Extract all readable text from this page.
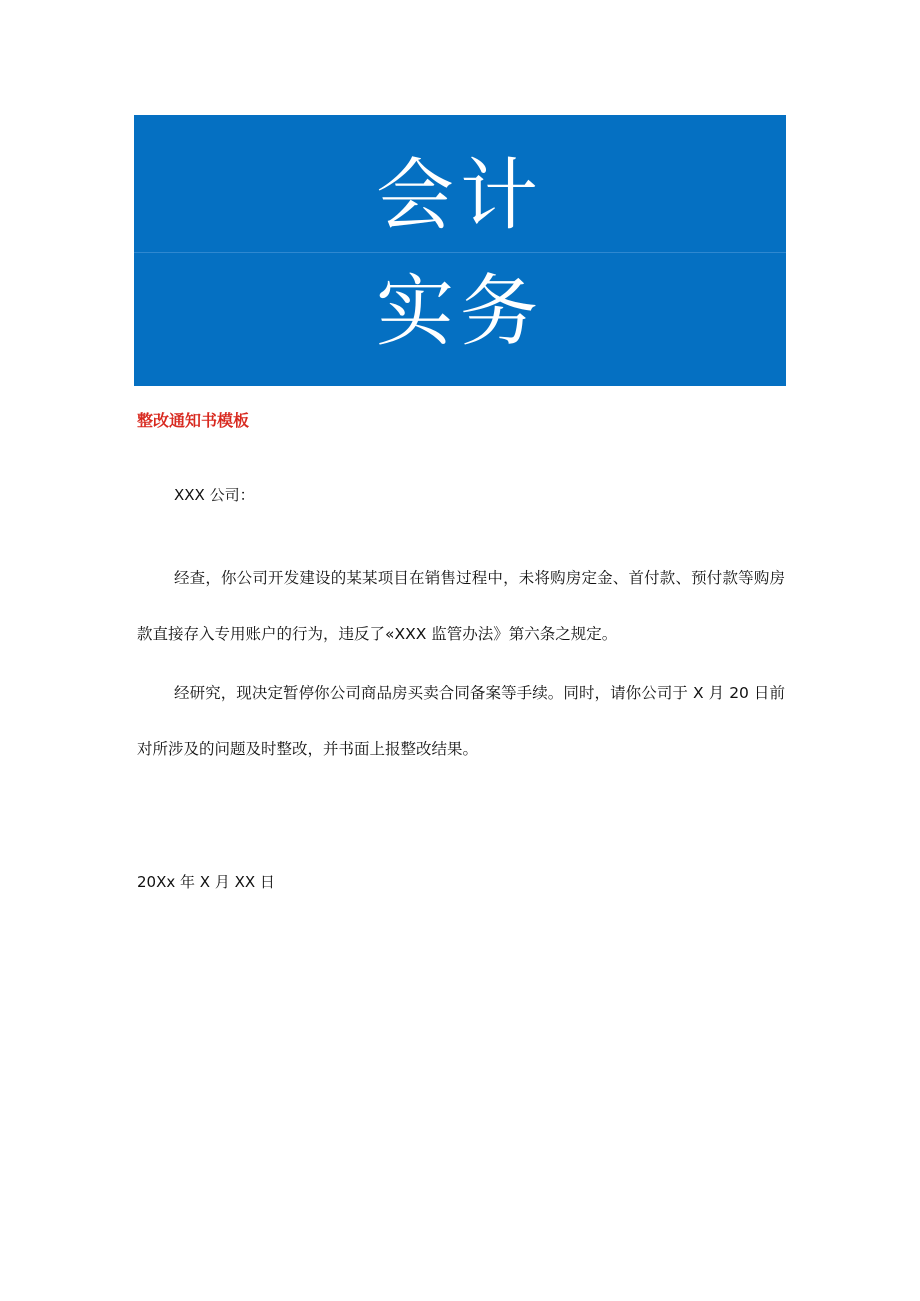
会计
实务
整改通知书模板
XXX 公司：

经查，你公司开发建设的某某项目在销售过程中，未将购房定金、首付款、预付款等购房款直接存入专用账户的行为，违反了«XXX 监管办法》第六条之规定。

经研究，现决定暂停你公司商品房买卖合同备案等手续。同时，请你公司于 X 月 20 日前对所涉及的问题及时整改，并书面上报整改结果。

20Xx 年 X 月 XX 日
